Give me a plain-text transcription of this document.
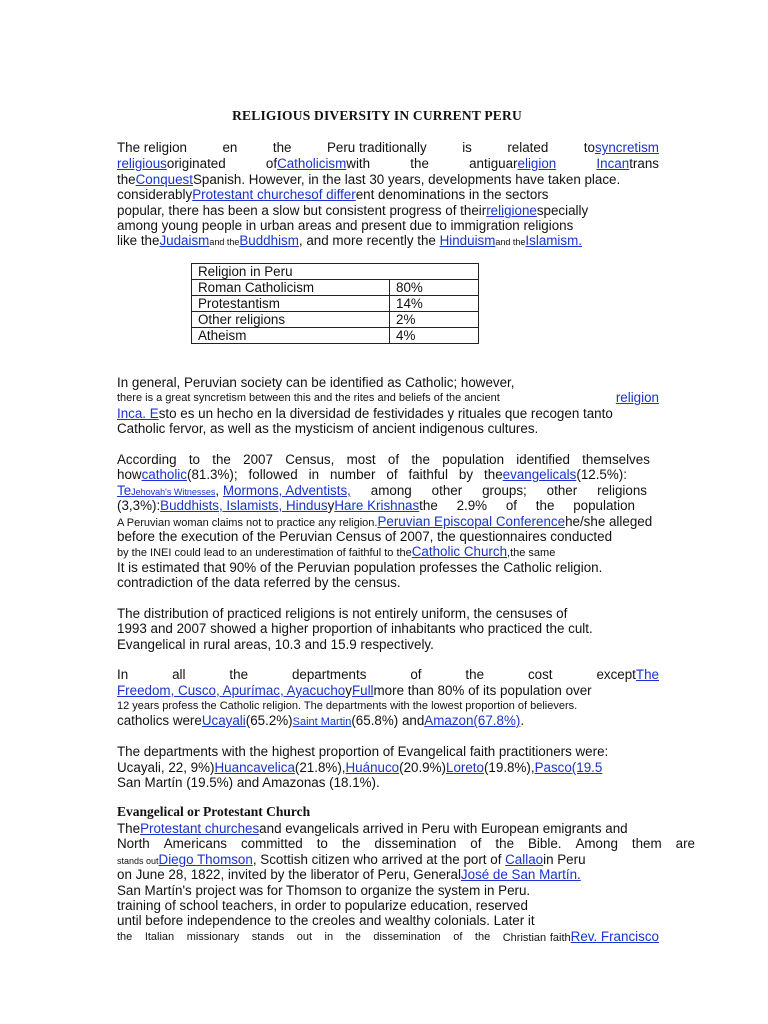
RELIGIOUS DIVERSITY IN CURRENT PERU
The religion	en	the	Peru traditionally	is	related	tosyncretism
religiousoriginated	ofCatholicismwith	the	antiguareligion	Incantrans
theConquestSpanish. However, in the last 30 years, developments have taken place.
considerablyProtestant churchesof different denominations in the sectors
popular, there has been a slow but consistent progress of theirreligionespecially
among young people in urban areas and present due to immigration religions
like theJudaismand theBuddhism, and more recently the Hinduismand theIslamism.
Religion in Peru	
Roman Catholicism	80%
Protestantism	14%
Other religions	2%
Atheism	4%
In general, Peruvian society can be identified as Catholic; however,
there is a great syncretism between this and the rites and beliefs of the ancient	religion
Inca. Esto es un hecho en la diversidad de festividades y rituales que recogen tanto
Catholic fervor, as well as the mysticism of ancient indigenous cultures.
According to the 2007 Census, most of the population identified themselves
howcatholic(81.3%); followed in number of faithful by theevangelicals(12.5%):
TeJehovah's Witnesses, Mormons, Adventists, among other groups; other religions
(3,3%):Buddhists, Islamists, HindusyHare Krishnasthe 2.9% of the population
A Peruvian woman claims not to practice any religion.Peruvian Episcopal Conferencehe/she alleged
before the execution of the Peruvian Census of 2007, the questionnaires conducted
by the INEI could lead to an underestimation of faithful to theCatholic Church,the same
It is estimated that 90% of the Peruvian population professes the Catholic religion.
contradiction of the data referred by the census.
The distribution of practiced religions is not entirely uniform, the censuses of
1993 and 2007 showed a higher proportion of inhabitants who practiced the cult.
Evangelical in rural areas, 10.3 and 15.9 respectively.
In	all	the	departments	of	the	cost	exceptThe
Freedom, Cusco, Apurímac, AyacuchoyFullmore than 80% of its population over
12 years profess the Catholic religion. The departments with the lowest proportion of believers.
catholics wereUcayali(65.2%)Saint Martin(65.8%) andAmazon(67.8%).
The departments with the highest proportion of Evangelical faith practitioners were:
Ucayali, 22, 9%)Huancavelica(21.8%),Huánuco(20.9%)Loreto(19.8%),Pasco(19.5
San Martín (19.5%) and Amazonas (18.1%).
Evangelical or Protestant Church
TheProtestant churchesand evangelicals arrived in Peru with European emigrants and
North Americans committed to the dissemination of the Bible. Among them are
stands outDiego Thomson, Scottish citizen who arrived at the port of Callaoin Peru
on June 28, 1822, invited by the liberator of Peru, GeneralJosé de San Martín.
San Martín's project was for Thomson to organize the system in Peru.
training of school teachers, in order to popularize education, reserved
until before independence to the creoles and wealthy colonials. Later it
the Italian missionary stands out in the dissemination of the Christian faithRev. Francisco
